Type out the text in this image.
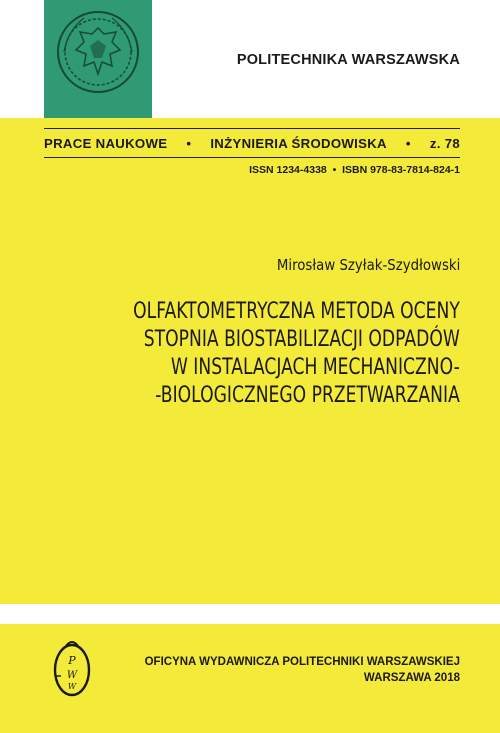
POLITECHNIKA WARSZAWSKA
PRACE NAUKOWE • INŻYNIERIA ŚRODOWISKA • z. 78
ISSN 1234-4338  •  ISBN 978-83-7814-824-1
Mirosław Szyłak-Szydłowski
OLFAKTOMETRYCZNA METODA OCENY
STOPNIA BIOSTABILIZACJI ODPADÓW
W INSTALACJACH MECHANICZNO-
-BIOLOGICZNEGO PRZETWARZANIA
P
W
W
OFICYNA WYDAWNICZA POLITECHNIKI WARSZAWSKIEJ
WARSZAWA 2018
